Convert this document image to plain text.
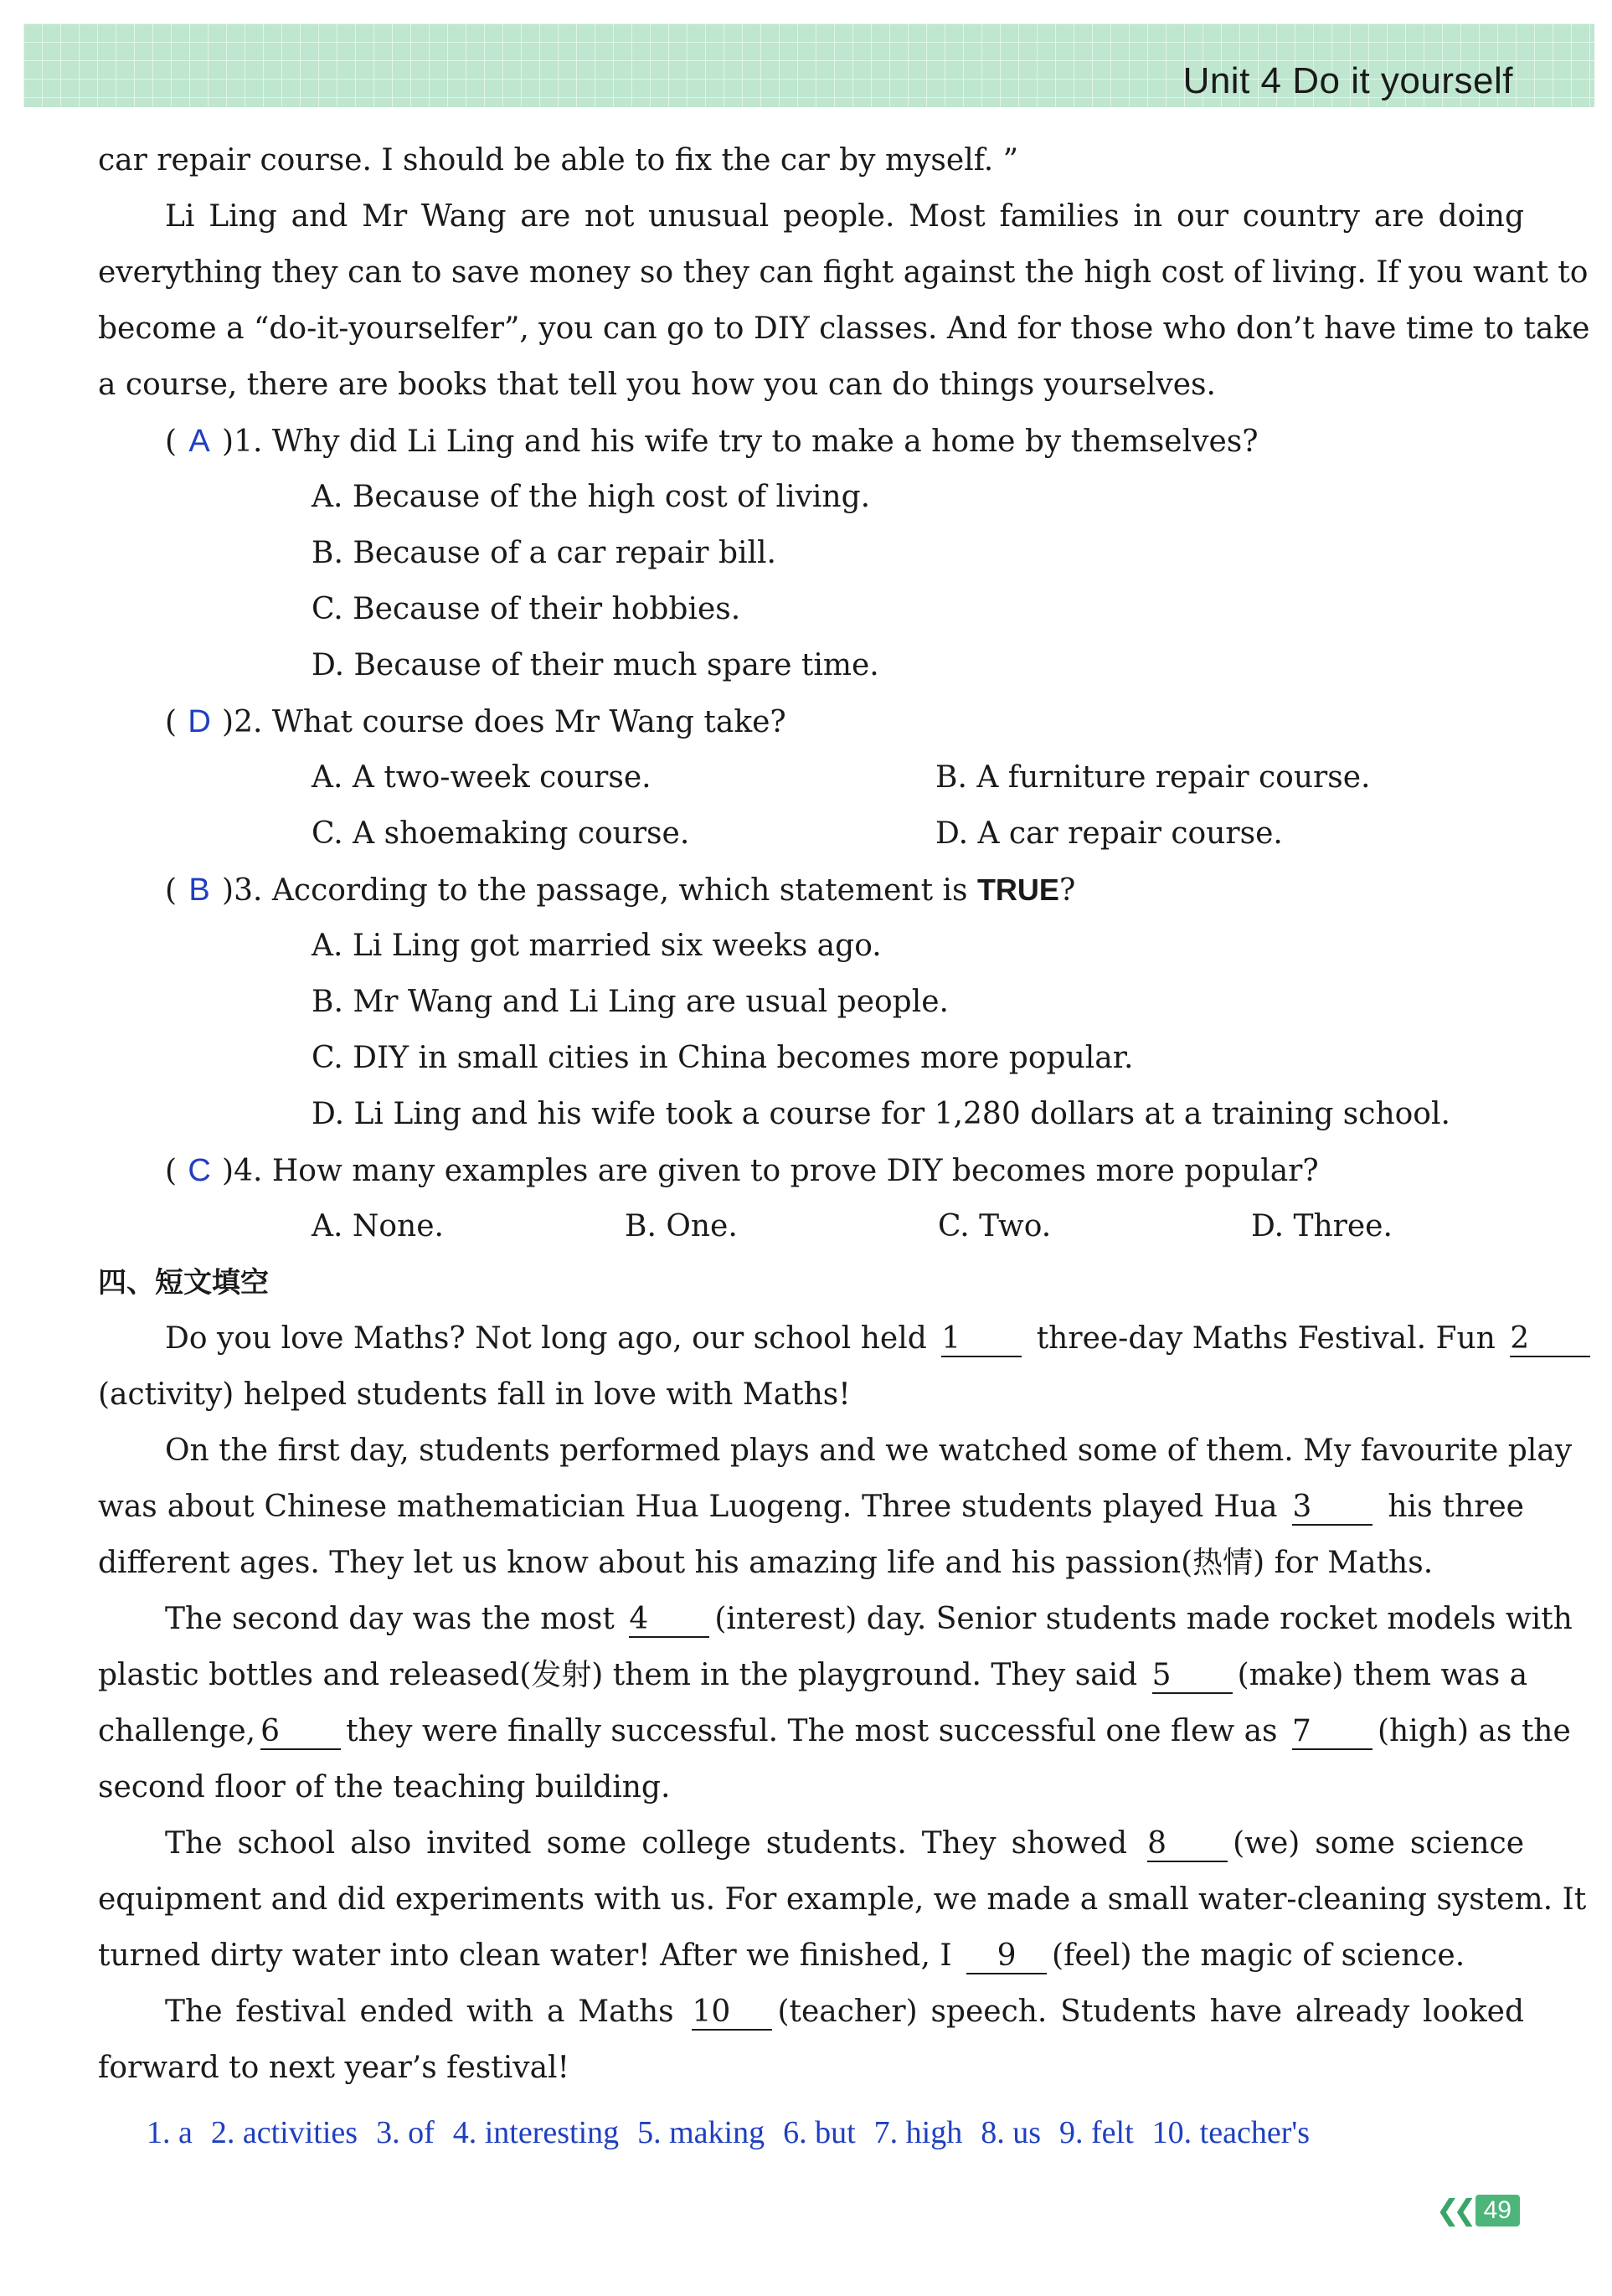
Unit 4 Do it yourself
car repair course. I should be able to fix the car by myself. ”
Li Ling and Mr Wang are not unusual people. Most families in our country are doing
everything they can to save money so they can fight against the high cost of living. If you want to
become a “do-it-yourselfer”, you can go to DIY classes. And for those who don’t have time to take
a course, there are books that tell you how you can do things yourselves.
( A )1. Why did Li Ling and his wife try to make a home by themselves?
A. Because of the high cost of living.
B. Because of a car repair bill.
C. Because of their hobbies.
D. Because of their much spare time.
( D )2. What course does Mr Wang take?
A. A two-week course.	B. A furniture repair course.
C. A shoemaking course.	D. A car repair course.
( B )3. According to the passage, which statement is TRUE?
A. Li Ling got married six weeks ago.
B. Mr Wang and Li Ling are usual people.
C. DIY in small cities in China becomes more popular.
D. Li Ling and his wife took a course for 1,280 dollars at a training school.
( C )4. How many examples are given to prove DIY becomes more popular?
A. None.	B. One.	C. Two.	D. Three.
四、短文填空
Do you love Maths? Not long ago, our school held 1	three-day Maths Festival. Fun 2
(activity) helped students fall in love with Maths!
On the first day, students performed plays and we watched some of them. My favourite play
was about Chinese mathematician Hua Luogeng. Three students played Hua 3	his three
different ages. They let us know about his amazing life and his passion(热情) for Maths.
The second day was the most 4 (interest) day. Senior students made rocket models with
plastic bottles and released(发射) them in the playground. They said 5 (make) them was a
challenge, 6 they were finally successful. The most successful one flew as 7 (high) as the
second floor of the teaching building.
The school also invited some college students. They showed 8 (we) some science
equipment and did experiments with us. For example, we made a small water-cleaning system. It
turned dirty water into clean water! After we finished, I 9 (feel) the magic of science.
The festival ended with a Maths 10 (teacher) speech. Students have already looked
forward to next year’s festival!
1. a 2. activities 3. of 4. interesting 5. making 6. but 7. high 8. us 9. felt 10. teacher's
❮❮ 49
